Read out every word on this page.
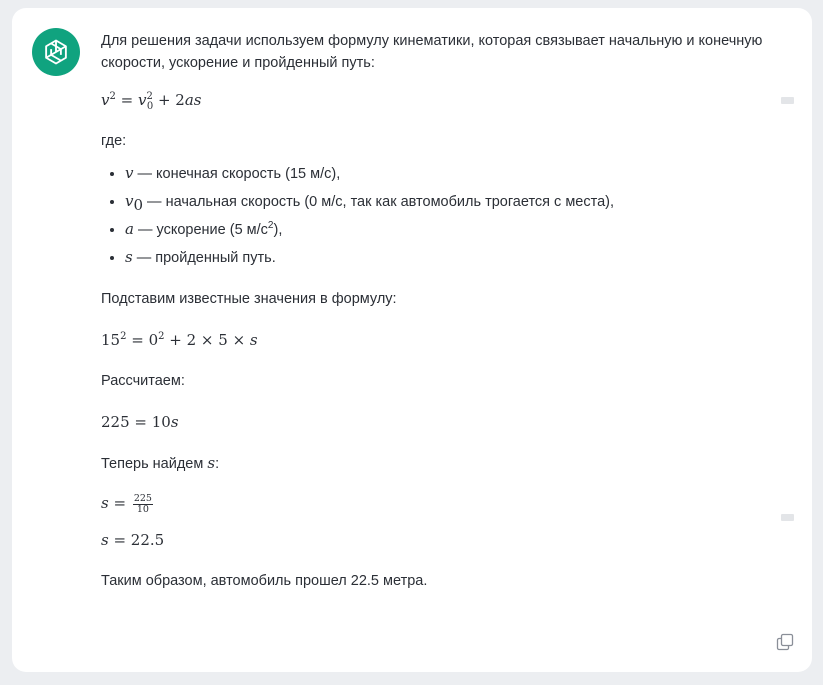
Для решения задачи используем формулу кинематики, которая связывает начальную и конечную скорости, ускорение и пройденный путь:

$v^2 = v^2_0 + 2as$

где:

• v — конечная скорость (15 м/с),
• $v_0$ — начальная скорость (0 м/с, так как автомобиль трогается с места),
• a — ускорение (5 $м/с^2$),
• s — пройденный путь.

Подставим известные значения в формулу:

$15^2 = 0^2 + 2 \times 5 \times s$

Рассчитаем:

225 = 10s

Теперь найдем s:

$s = \frac{225}{10}$

s = 22.5

Таким образом, автомобиль прошел 22.5 метра.
